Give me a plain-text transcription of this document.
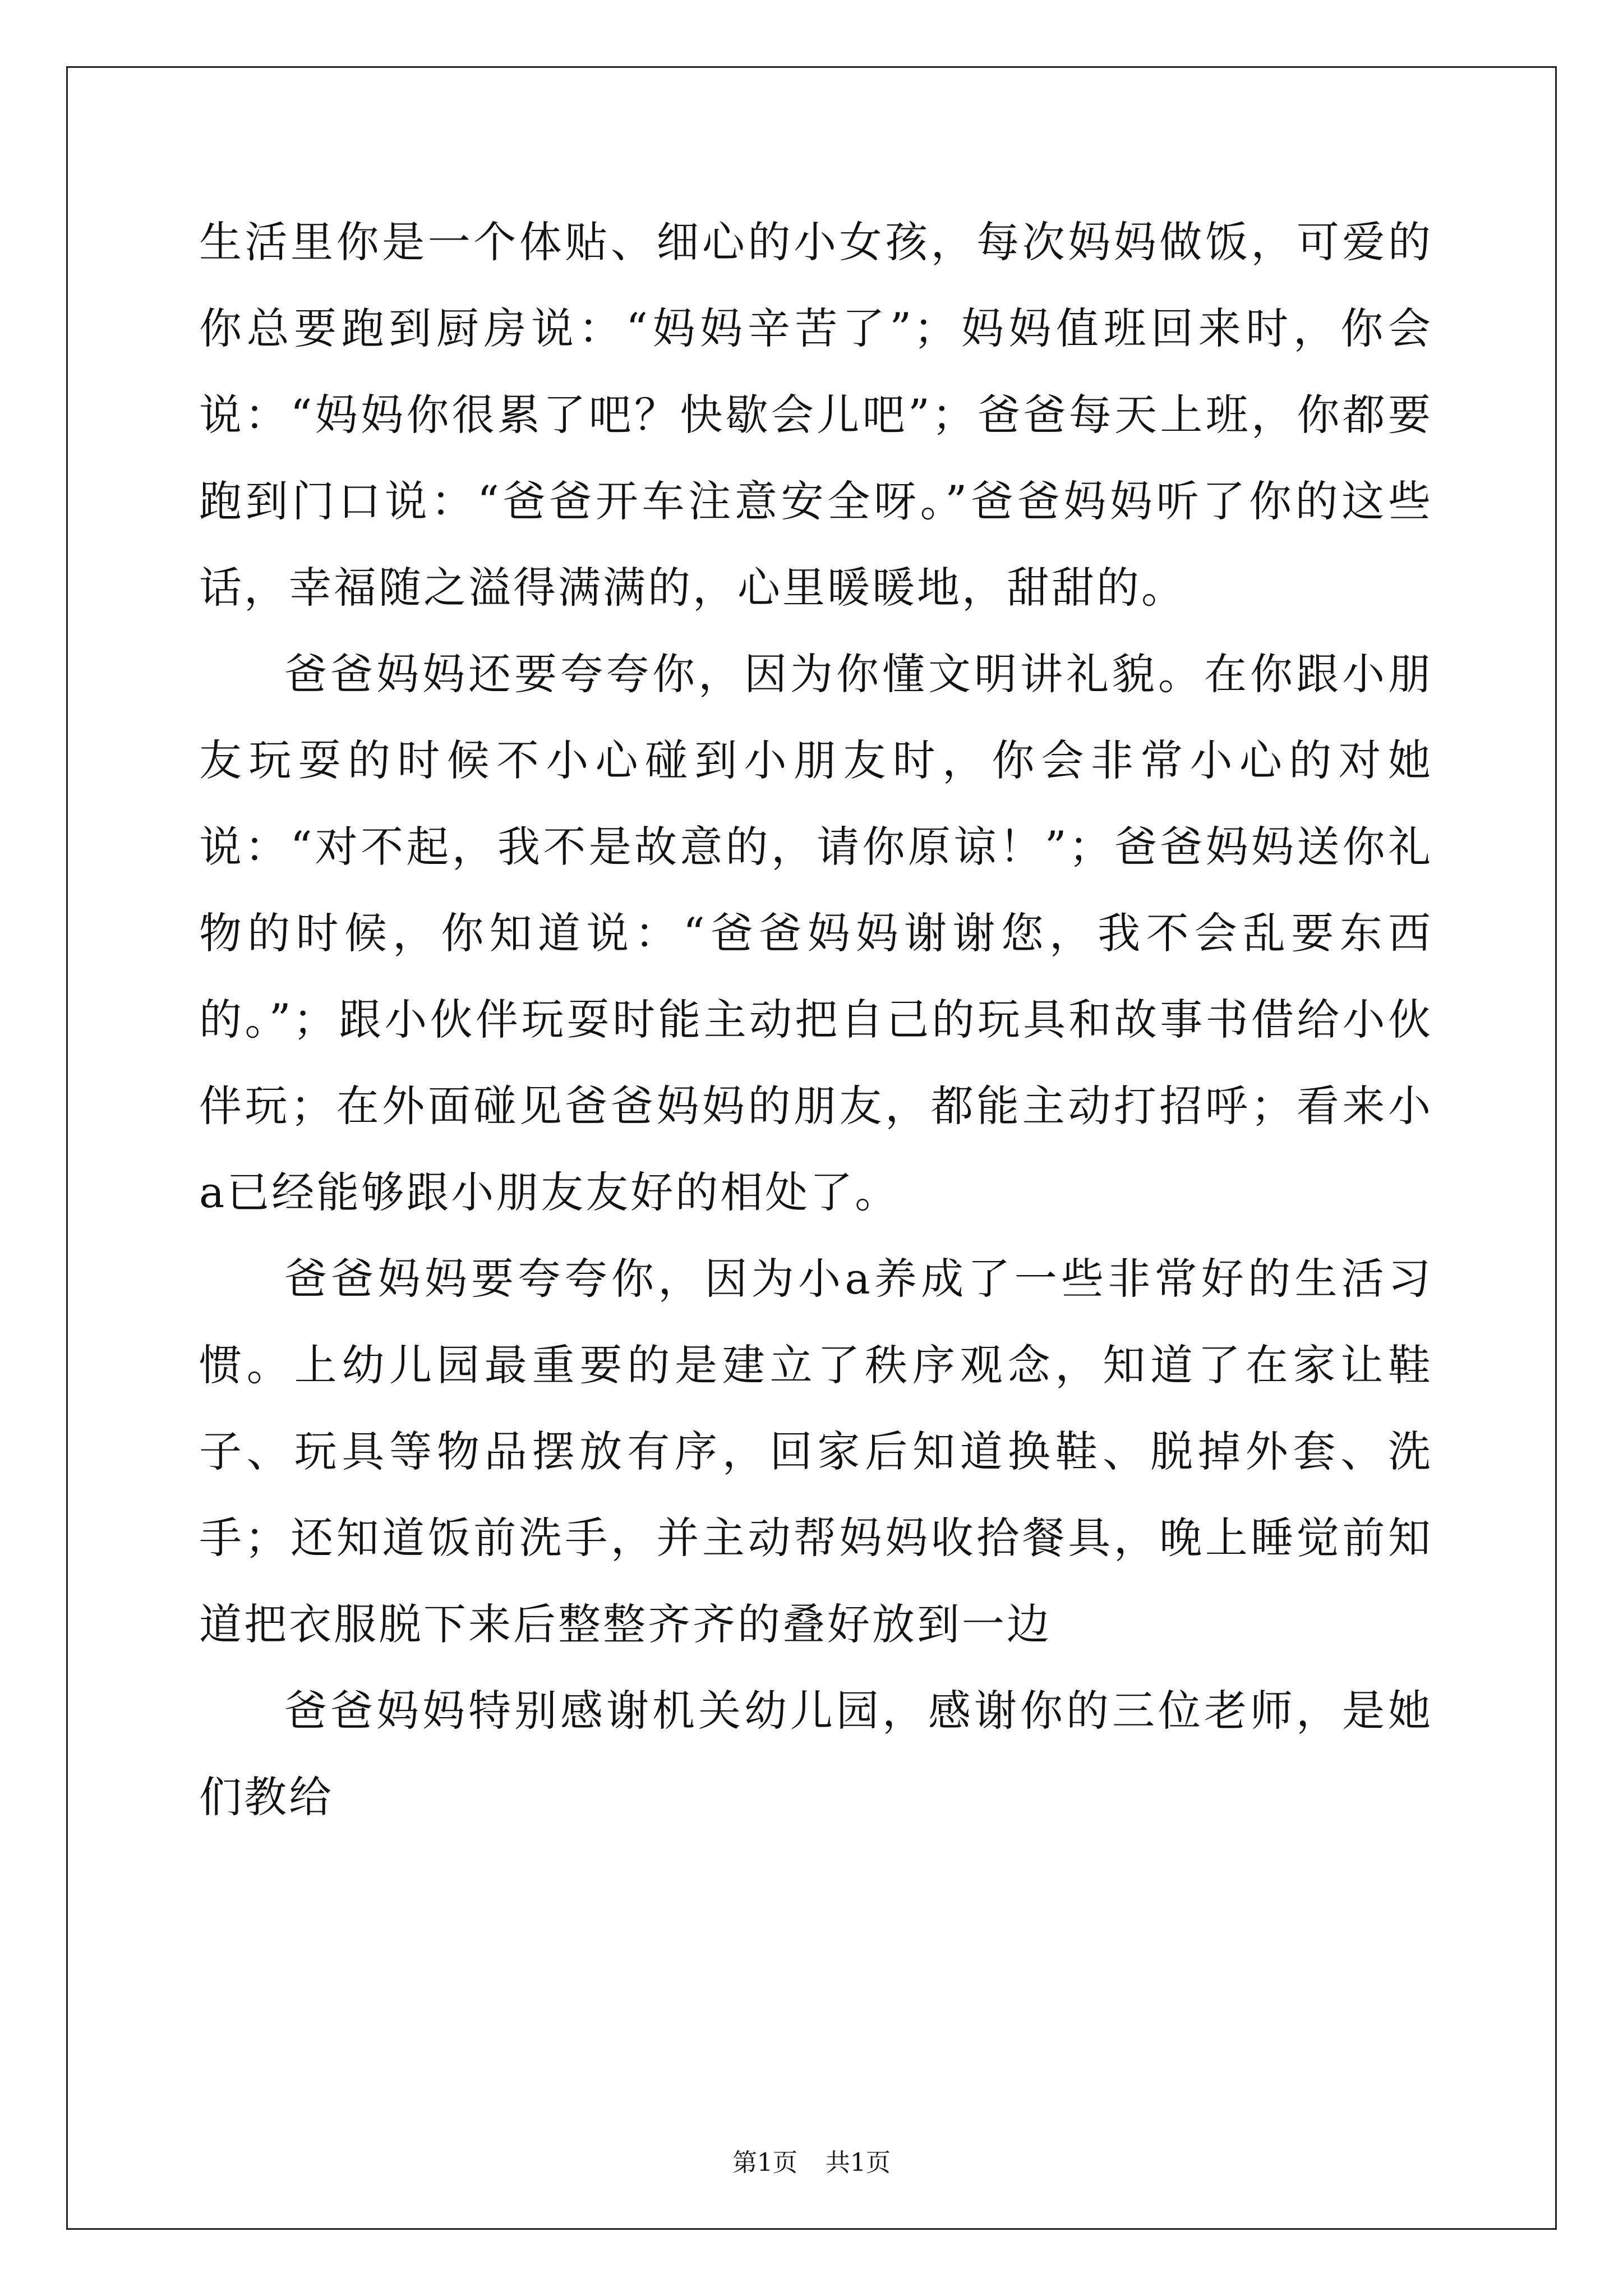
生活里你是一个体贴、细心的小女孩，每次妈妈做饭，可爱的你总要跑到厨房说：“妈妈辛苦了”；妈妈值班回来时，你会说：“妈妈你很累了吧？快歇会儿吧”；爸爸每天上班，你都要跑到门口说：“爸爸开车注意安全呀。”爸爸妈妈听了你的这些话，幸福随之溢得满满的，心里暖暖地，甜甜的。

爸爸妈妈还要夸夸你，因为你懂文明讲礼貌。在你跟小朋友玩耍的时候不小心碰到小朋友时，你会非常小心的对她说：“对不起，我不是故意的，请你原谅！”；爸爸妈妈送你礼物的时候，你知道说：“爸爸妈妈谢谢您，我不会乱要东西的。”；跟小伙伴玩耍时能主动把自己的玩具和故事书借给小伙伴玩；在外面碰见爸爸妈妈的朋友，都能主动打招呼；看来小a已经能够跟小朋友友好的相处了。

爸爸妈妈要夸夸你，因为小a养成了一些非常好的生活习惯。上幼儿园最重要的是建立了秩序观念，知道了在家让鞋子、玩具等物品摆放有序，回家后知道换鞋、脱掉外套、洗手；还知道饭前洗手，并主动帮妈妈收拾餐具，晚上睡觉前知道把衣服脱下来后整整齐齐的叠好放到一边

爸爸妈妈特别感谢机关幼儿园，感谢你的三位老师，是她们教给

第1页 共1页
